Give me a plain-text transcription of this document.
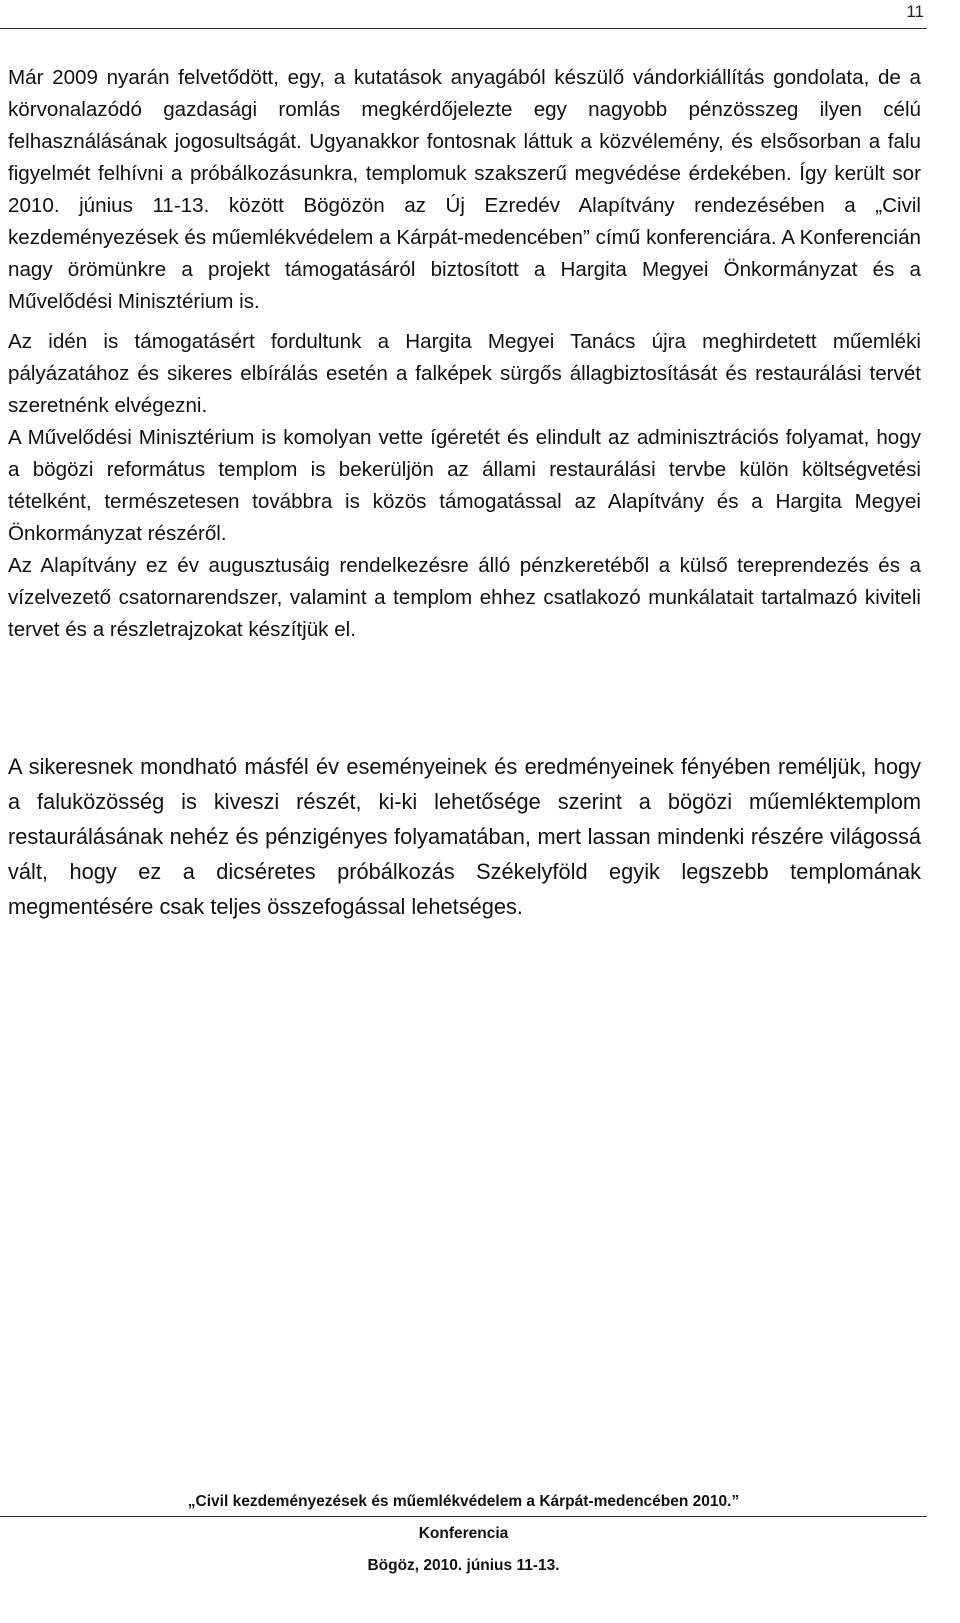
11

Már 2009 nyarán felvetődött, egy, a kutatások anyagából készülő vándorkiállítás gondolata, de a körvonalazódó gazdasági romlás megkérdőjelezte egy nagyobb pénzösszeg ilyen célú felhasználásának jogosultságát. Ugyanakkor fontosnak láttuk a közvélemény, és elsősorban a falu figyelmét felhívni a próbálkozásunkra, templomuk szakszerű megvédése érdekében. Így került sor 2010. június 11-13. között Bögözön az Új Ezredév Alapítvány rendezésében a „Civil kezdeményezések és műemlékvédelem a Kárpát-medencében” című konferenciára. A Konferencián nagy örömünkre a projekt támogatásáról biztosított a Hargita Megyei Önkormányzat és a Művelődési Minisztérium is.

Az idén is támogatásért fordultunk a Hargita Megyei Tanács újra meghirdetett műemléki pályázatához és sikeres elbírálás esetén a falképek sürgős állagbiztosítását és restaurálási tervét szeretnénk elvégezni.

A Művelődési Minisztérium is komolyan vette ígéretét és elindult az adminisztrációs folyamat, hogy a bögözi református templom is bekerüljön az állami restaurálási tervbe külön költségvetési tételként, természetesen továbbra is közös támogatással az Alapítvány és a Hargita Megyei Önkormányzat részéről.

Az Alapítvány ez év augusztusáig rendelkezésre álló pénzkeretéből a külső tereprendezés és a vízelvezető csatornarendszer, valamint a templom ehhez csatlakozó munkálatait tartalmazó kiviteli tervet és a részletrajzokat készítjük el.

A sikeresnek mondható másfél év eseményeinek és eredményeinek fényében reméljük, hogy a faluközösség is kiveszi részét, ki-ki lehetősége szerint a bögözi műemléktemplom restaurálásának nehéz és pénzigényes folyamatában, mert lassan mindenki részére világossá vált, hogy ez a dicséretes próbálkozás Székelyföld egyik legszebb templomának megmentésére csak teljes összefogással lehetséges.

„Civil kezdeményezések és műemlékvédelem a Kárpát-medencében 2010.”
Konferencia
Bögöz, 2010. június 11-13.
